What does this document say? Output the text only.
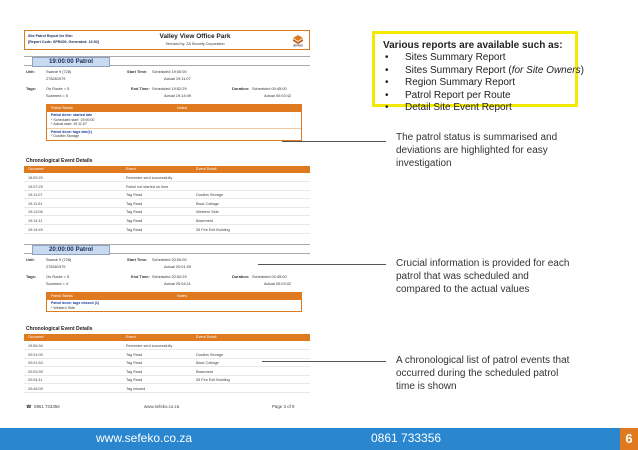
Site Patrol Report for Site:
[Report Code: SPR200; Generated: 13:52]
Valley View Office Park
Serviced by: ZA Security Corporation	SEFEKO
19:00:00 Patrol
Unit:	Swane 9 (728)
278281979
Tags:	On Route = 5
Scanned = 5
Start Time: Scheduled 19:00:00
Actual 19:11:07
End Time: Scheduled 19:52:29
Actual 19:14:49
Duration: Scheduled 00:45:00
Actual 00:03:42
Patrol Status	Notes
Patrol done: started late
* Scheduled start: 19:00:00
* Actual start: 19:11:07
Patrol done: tags late(1)
* Dustbin Storage
Chronological Event Details
Occurred	Event	Event Detail
18:59:29	Reminder sent successfully
19:07:29	Patrol not started on time
19:11:07	Tag Read	Dustbin Storage
19:11:51	Tag Read	Back Cottage
19:13:06	Tag Read	Western Side
19:14:11	Tag Read	Basement
19:14:49	Tag Read	35 Fire Exit Building
20:00:00 Patrol
Unit:	Swane 9 (728)
278281979
Tags:	On Route = 5
Scanned = 4
Start Time: Scheduled 20:00:00
Actual 20:01:09
End Time: Scheduled 20:52:29
Actual 20:04:11
Duration: Scheduled 00:45:00
Actual 00:03:02
Patrol Status	Notes
Patrol done: tags missed (1)
* Western Side
Chronological Event Details
Occurred	Event	Event Detail
19:56:34	Reminder sent successfully
20:01:09	Tag Read	Dustbin Storage
20:01:54	Tag Read	Back Cottage
20:03:39	Tag Read	Basement
20:04:11	Tag Read	35 Fire Exit Building
20:46:09	Tag missed
☎ 0861 733356	www.sefeko.co.za	Page 3 of 9
Various reports are available such as:
• Sites Summary Report
• Sites Summary Report (for Site Owners)
• Region Summary Report
• Patrol Report per Route
• Detail Site Event Report
The patrol status is summarised and deviations are highlighted for easy investigation
Crucial information is provided for each patrol that was scheduled and compared to the actual values
A chronological list of patrol events that occurred during the scheduled patrol time is shown
www.sefeko.co.za	0861 733356	6
